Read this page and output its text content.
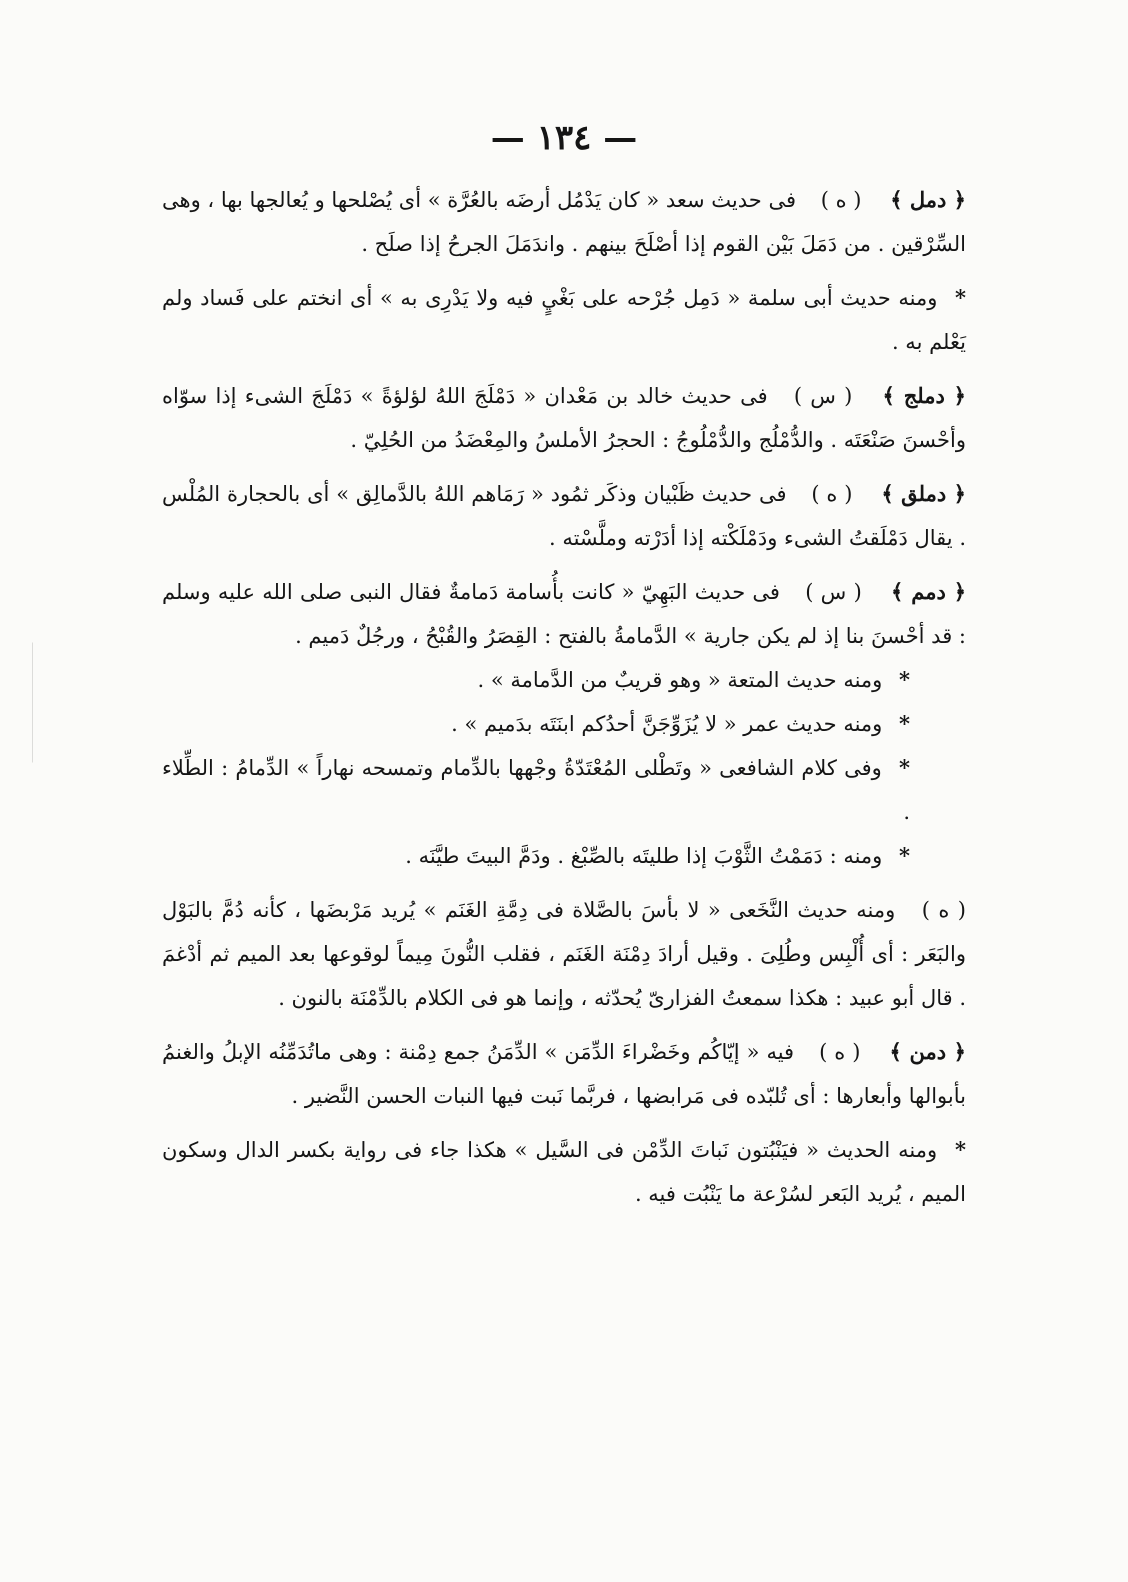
— ١٣٤ —

﴿ دمل ﴾ ( ه ) فى حديث سعد « كان يَدْمُل أرضَه بالعُرَّة » أى يُصْلحها و يُعالجها بها ، وهى السِّرْقين . من دَمَلَ بَيْن القوم إذا أصْلَحَ بينهم . واندَمَلَ الجرحُ إذا صلَح .

* ومنه حديث أبى سلمة « دَمِل جُرْحه على بَغْيٍ فيه ولا يَدْرِى به » أى انختم على فَساد ولم يَعْلم به .

﴿ دملج ﴾ ( س ) فى حديث خالد بن مَعْدان « دَمْلَجَ اللهُ لؤلؤةً » دَمْلَجَ الشىء إذا سوّاه وأحْسنَ صَنْعَتَه . والدُّمْلُج والدُّمْلُوجُ : الحجرُ الأملسُ والمِعْضَدُ من الحُلِيّ .

﴿ دملق ﴾ ( ه ) فى حديث ظَبْيان وذكَر ثمُود « رَمَاهم اللهُ بالدَّمالِق » أى بالحجارة المُلْس . يقال دَمْلَقتُ الشىء ودَمْلَكْته إذا أدَرْته وملَّسْته .

﴿ دمم ﴾ ( س ) فى حديث البَهِيّ « كانت بأُسامة دَمامةٌ فقال النبى صلى الله عليه وسلم : قد أحْسنَ بنا إذ لم يكن جارية » الدَّمامةُ بالفتح : القِصَرُ والقُبْحُ ، ورجُلٌ دَميم .

* ومنه حديث المتعة « وهو قريبٌ من الدَّمامة » .

* ومنه حديث عمر « لا يُزَوِّجَنَّ أحدُكم ابنَتَه بدَميم » .

* وفى كلام الشافعى « وتَطْلى المُعْتَدّةُ وجْهها بالدِّمام وتمسحه نهاراً » الدِّمامُ : الطِّلاء .

* ومنه : دَمَمْتُ الثَّوْبَ إذا طليتَه بالصِّبْغ . ودَمَّ البيتَ طيَّنَه .

( ه ) ومنه حديث النَّخَعى « لا بأسَ بالصَّلاة فى دِمَّةِ الغَنَم » يُريد مَرْبضَها ، كأنه دُمَّ بالبَوْل والبَعَر : أى أُلْبِس وطُلِىَ . وقيل أرادَ دِمْنَة الغَنَم ، فقلب النُّونَ مِيماً لوقوعها بعد الميم ثم أدْغمَ . قال أبو عبيد : هكذا سمعتُ الفزارىّ يُحدّثه ، وإنما هو فى الكلام بالدِّمْنَة بالنون .

﴿ دمن ﴾ ( ه ) فيه « إيّاكُم وخَضْراءَ الدِّمَن » الدِّمَنُ جمع دِمْنة : وهى ماتُدَمِّنُه الإبلُ والغنمُ بأبوالها وأبعارها : أى تُلبّده فى مَرابضها ، فربَّما نَبت فيها النبات الحسن النَّضير .

* ومنه الحديث « فيَنْبُتون نَباتَ الدِّمْن فى السَّيل » هكذا جاء فى رواية بكسر الدال وسكون الميم ، يُريد البَعر لسُرْعة ما يَنْبُت فيه .
